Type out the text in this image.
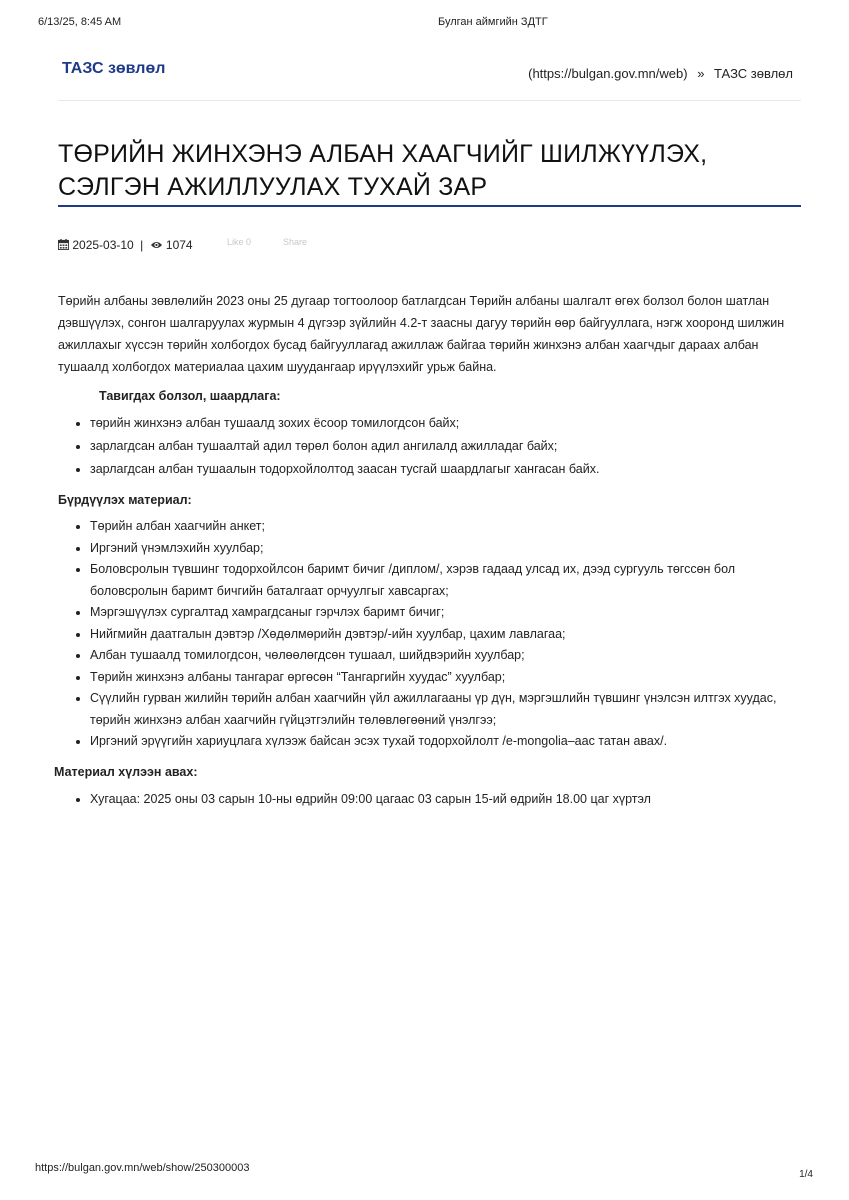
6/13/25, 8:45 AM	Булган аймгийн ЗДТГ
ТАЗС зөвлөл	(https://bulgan.gov.mn/web) » ТАЗС зөвлөл
ТӨРИЙН ЖИНХЭНЭ АЛБАН ХААГЧИЙГ ШИЛЖҮҮЛЭХ,
СЭЛГЭН АЖИЛЛУУЛАХ ТУХАЙ ЗАР
2025-03-10 | 1074	Like 0	Share

Төрийн албаны зөвлөлийн 2023 оны 25 дугаар тогтоолоор батлагдсан Төрийн албаны шалгалт өгөх болзол болон шатлан дэвшүүлэх, сонгон шалгаруулах журмын 4 дүгээр зүйлийн 4.2-т заасны дагуу төрийн өөр байгууллага, нэгж хооронд шилжин ажиллахыг хүссэн төрийн холбогдох бусад байгууллагад ажиллаж байгаа төрийн жинхэнэ албан хаагчдыг дараах албан тушаалд холбогдох материалаа цахим шуудангаар ирүүлэхийг урьж байна.

Тавигдах болзол, шаардлага:
• төрийн жинхэнэ албан тушаалд зохих ёсоор томилогдсон байх;
• зарлагдсан албан тушаалтай адил төрөл болон адил ангилалд ажилладаг байх;
• зарлагдсан албан тушаалын тодорхойлолтод заасан тусгай шаардлагыг хангасан байх.
Бүрдүүлэх материал:
• Төрийн албан хаагчийн анкет;
• Иргэний үнэмлэхийн хуулбар;
• Боловсролын түвшинг тодорхойлсон баримт бичиг /диплом/, хэрэв гадаад улсад их, дээд сургууль төгссөн бол боловсролын баримт бичгийн баталгаат орчуулгыг хавсаргах;
• Мэргэшүүлэх сургалтад хамрагдсаныг гэрчлэх баримт бичиг;
• Нийгмийн даатгалын дэвтэр /Хөдөлмөрийн дэвтэр/-ийн хуулбар, цахим лавлагаа;
• Албан тушаалд томилогдсон, чөлөөлөгдсөн тушаал, шийдвэрийн хуулбар;
• Төрийн жинхэнэ албаны тангараг өргөсөн “Тангаргийн хуудас” хуулбар;
• Сүүлийн гурван жилийн төрийн албан хаагчийн үйл ажиллагааны үр дүн, мэргэшлийн түвшинг үнэлсэн илтгэх хуудас, төрийн жинхэнэ албан хаагчийн гүйцэтгэлийн төлөвлөгөөний үнэлгээ;
• Иргэний эрүүгийн хариуцлага хүлээж байсан эсэх тухай тодорхойлолт /e-mongolia–аас татан авах/.
Материал хүлээн авах:
• Хугацаа: 2025 оны 03 сарын 10-ны өдрийн 09:00 цагаас 03 сарын 15-ий өдрийн 18.00 цаг хүртэл
https://bulgan.gov.mn/web/show/250300003
1/4
